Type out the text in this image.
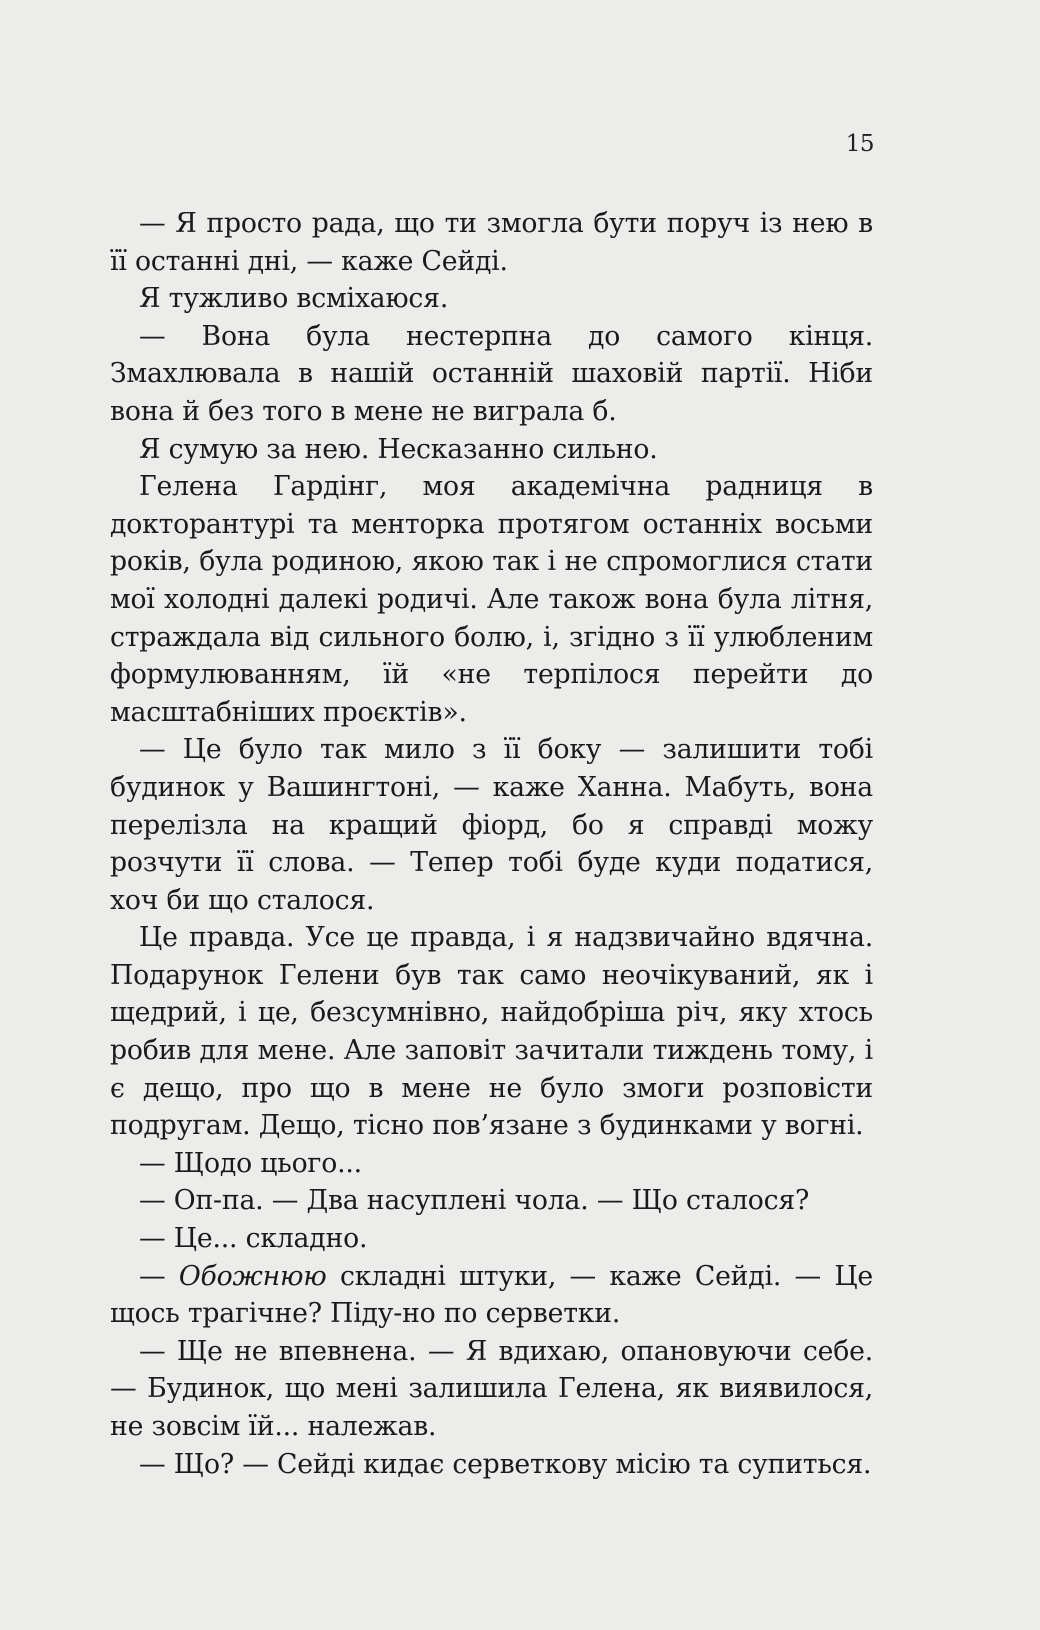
15

— Я просто рада, що ти змогла бути поруч із нею в її останні дні, — каже Сейді.

Я тужливо всміхаюся.

— Вона була нестерпна до самого кінця. Змахлювала в нашій останній шаховій партії. Ніби вона й без того в мене не виграла б.

Я сумую за нею. Несказанно сильно.

Гелена Гардінг, моя академічна радниця в докторантурі та менторка протягом останніх восьми років, була родиною, якою так і не спромоглися стати мої холодні далекі родичі. Але також вона була літня, страждала від сильного болю, і, згідно з її улюбленим формулюванням, їй «не терпілося перейти до масштабніших проєктів».

— Це було так мило з її боку — залишити тобі будинок у Вашингтоні, — каже Ханна. Мабуть, вона перелізла на кращий фіорд, бо я справді можу розчути її слова. — Тепер тобі буде куди податися, хоч би що сталося.

Це правда. Усе це правда, і я надзвичайно вдячна. Подарунок Гелени був так само неочікуваний, як і щедрий, і це, безсумнівно, найдобріша річ, яку хтось робив для мене. Але заповіт зачитали тиждень тому, і є дещо, про що в мене не було змоги розповісти подругам. Дещо, тісно пов’язане з будинками у вогні.

— Щодо цього...

— Оп-па. — Два насуплені чола. — Що сталося?

— Це... складно.

— Обожнюю складні штуки, — каже Сейді. — Це щось трагічне? Піду-но по серветки.

— Ще не впевнена. — Я вдихаю, опановуючи себе. — Будинок, що мені залишила Гелена, як виявилося, не зовсім їй... належав.

— Що? — Сейді кидає серветкову місію та супиться.
